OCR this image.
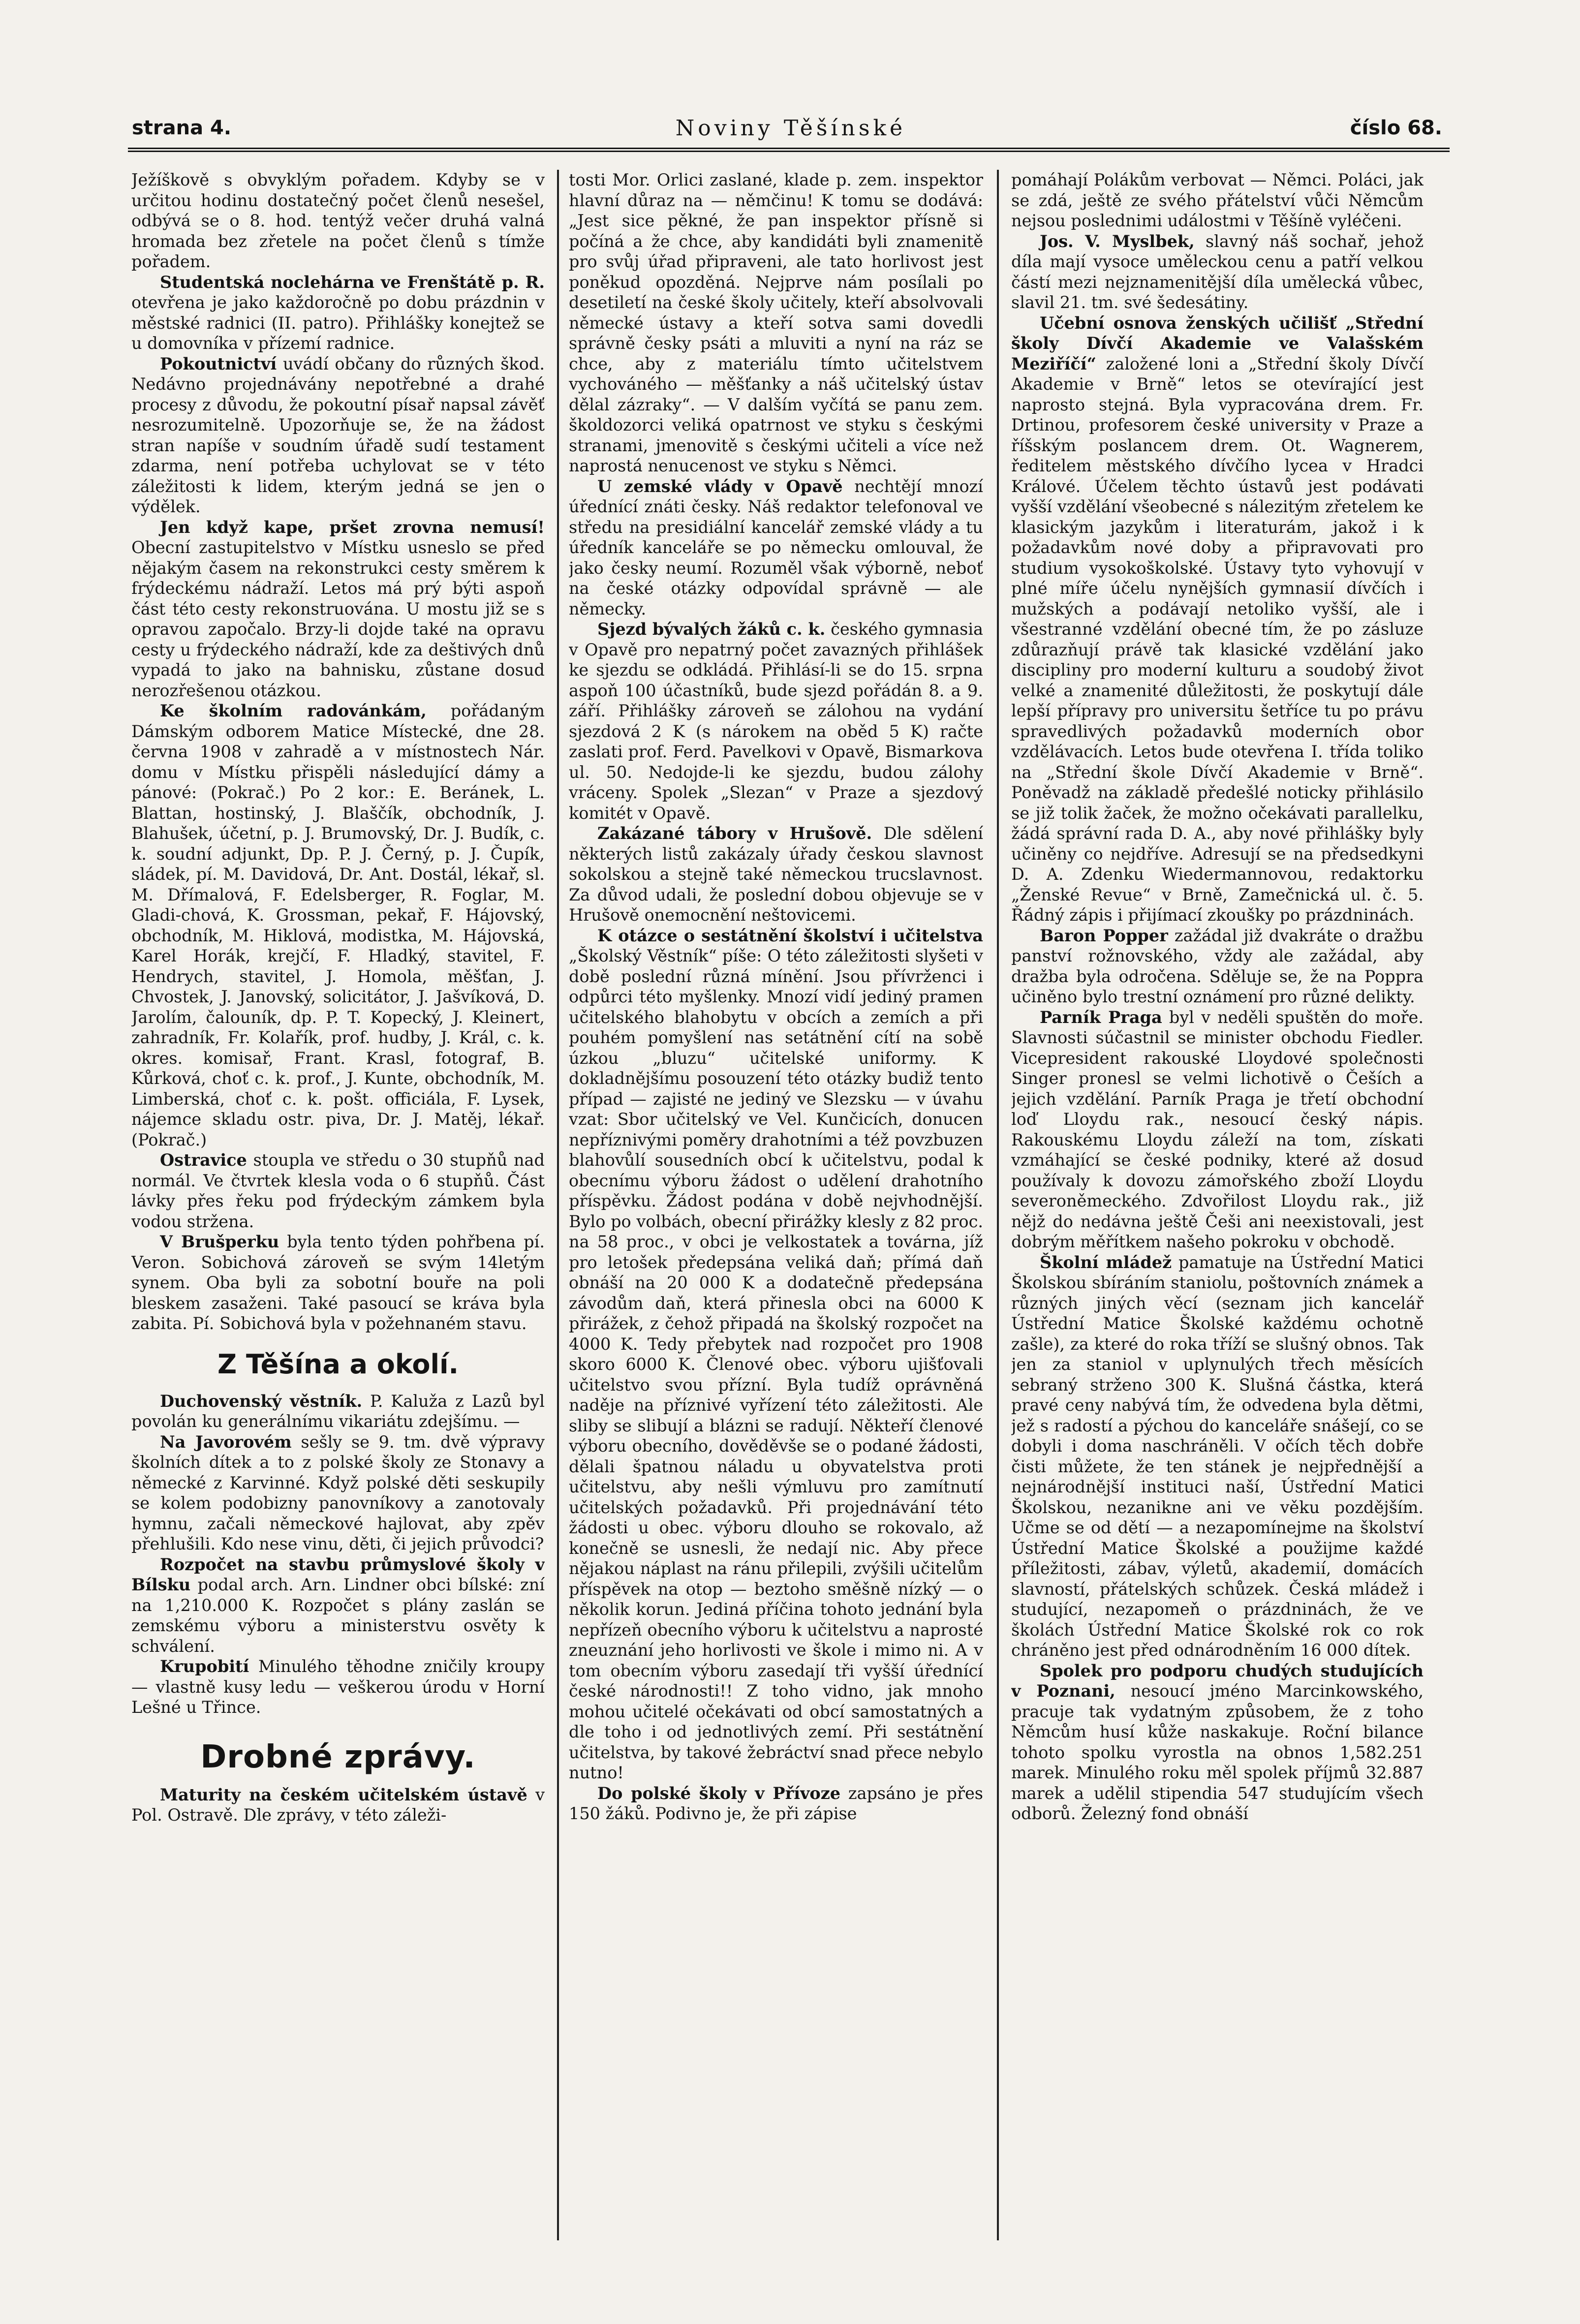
strana 4.	Noviny Těšínské	číslo 68.

Ježíškově s obvyklým pořadem. Kdyby se v určitou hodinu dostatečný počet členů nesešel, odbývá se o 8. hod. tentýž večer druhá valná hromada bez zřetele na počet členů s tímže pořadem.

Studentská noclehárna ve Frenštátě p. R. otevřena je jako každoročně po dobu prázdnin v městské radnici (II. patro). Přihlášky konejtež se u domovníka v přízemí radnice.

Pokoutnictví uvádí občany do různých škod. Nedávno projednávány nepotřebné a drahé procesy z důvodu, že pokoutní písař napsal závěť nesrozumitelně. Upozorňuje se, že na žádost stran napíše v soudním úřadě sudí testament zdarma, není potřeba uchylovat se v této záležitosti k lidem, kterým jedná se jen o výdělek.

Jen když kape, pršet zrovna nemusí! Obecní zastupitelstvo v Místku usneslo se před nějakým časem na rekonstrukci cesty směrem k frýdeckému nádraží. Letos má prý býti aspoň část této cesty rekonstruována. U mostu již se s opravou započalo. Brzy-li dojde také na opravu cesty u frýdeckého nádraží, kde za deštivých dnů vypadá to jako na bahnisku, zůstane dosud nerozřešenou otázkou.

Ke školním radovánkám, pořádaným Dámským odborem Matice Místecké, dne 28. června 1908 v zahradě a v místnostech Nár. domu v Místku přispěli následující dámy a pánové: (Pokrač.) Po 2 kor.: E. Beránek, L. Blattan, hostinský, J. Blaščík, obchodník, J. Blahušek, účetní, p. J. Brumovský, Dr. J. Budík, c. k. soudní adjunkt, Dp. P. J. Černý, p. J. Čupík, sládek, pí. M. Davidová, Dr. Ant. Dostál, lékař, sl. M. Dřímalová, F. Edelsberger, R. Foglar, M. Gladi-chová, K. Grossman, pekař, F. Hájovský, obchodník, M. Hiklová, modistka, M. Hájovská, Karel Horák, krejčí, F. Hladký, stavitel, F. Hendrych, stavitel, J. Homola, měšťan, J. Chvostek, J. Janovský, solicitátor, J. Jašvíková, D. Jarolím, čalouník, dp. P. T. Kopecký, J. Kleinert, zahradník, Fr. Kolařík, prof. hudby, J. Král, c. k. okres. komisař, Frant. Krasl, fotograf, B. Kůrková, choť c. k. prof., J. Kunte, obchodník, M. Limberská, choť c. k. pošt. officiála, F. Lysek, nájemce skladu ostr. piva, Dr. J. Matěj, lékař. (Pokrač.)

Ostravice stoupla ve středu o 30 stupňů nad normál. Ve čtvrtek klesla voda o 6 stupňů. Část lávky přes řeku pod frýdeckým zámkem byla vodou stržena.

V Brušperku byla tento týden pohřbena pí. Veron. Sobichová zároveň se svým 14letým synem. Oba byli za sobotní bouře na poli bleskem zasaženi. Také pasoucí se kráva byla zabita. Pí. Sobichová byla v požehnaném stavu.

Z Těšína a okolí.

Duchovenský věstník. P. Kaluža z Lazů byl povolán ku generálnímu vikariátu zdejšímu. —

Na Javorovém sešly se 9. tm. dvě výpravy školních dítek a to z polské školy ze Stonavy a německé z Karvinné. Když polské děti seskupily se kolem podobizny panovníkovy a zanotovaly hymnu, začali německové hajlovat, aby zpěv přehlušili. Kdo nese vinu, děti, či jejich průvodci?

Rozpočet na stavbu průmyslové školy v Bílsku podal arch. Arn. Lindner obci bílské: zní na 1,210.000 K. Rozpočet s plány zaslán se zemskému výboru a ministerstvu osvěty k schválení.

Krupobití Minulého těhodne zničily kroupy — vlastně kusy ledu — veškerou úrodu v Horní Lešné u Třince.

Drobné zprávy.

Maturity na českém učitelském ústavě v Pol. Ostravě. Dle zprávy, v této záleži-

tosti Mor. Orlici zaslané, klade p. zem. inspektor hlavní důraz na — němčinu! K tomu se dodává: „Jest sice pěkné, že pan inspektor přísně si počíná a že chce, aby kandidáti byli znamenitě pro svůj úřad připraveni, ale tato horlivost jest poněkud opozděná. Nejprve nám posílali po desetiletí na české školy učitely, kteří absolvovali německé ústavy a kteří sotva sami dovedli správně česky psáti a mluviti a nyní na ráz se chce, aby z materiálu tímto učitelstvem vychováného — měšťanky a náš učitelský ústav dělal zázraky“. — V dalším vyčítá se panu zem. školdozorci veliká opatrnost ve styku s českými stranami, jmenovitě s českými učiteli a více než naprostá nenucenost ve styku s Němci.

U zemské vlády v Opavě nechtějí mnozí úřednící znáti česky. Náš redaktor telefonoval ve středu na presidiální kancelář zemské vlády a tu úředník kanceláře se po německu omlouval, že jako česky neumí. Rozuměl však výborně, neboť na české otázky odpovídal správně — ale německy.

Sjezd bývalých žáků c. k. českého gymnasia v Opavě pro nepatrný počet zavazných přihlášek ke sjezdu se odkládá. Přihlásí-li se do 15. srpna aspoň 100 účastníků, bude sjezd pořádán 8. a 9. září. Přihlášky zároveň se zálohou na vydání sjezdová 2 K (s nárokem na oběd 5 K) račte zaslati prof. Ferd. Pavelkovi v Opavě, Bismarkova ul. 50. Nedojde-li ke sjezdu, budou zálohy vráceny. Spolek „Slezan“ v Praze a sjezdový komitét v Opavě.

Zakázané tábory v Hrušově. Dle sdělení některých listů zakázaly úřady českou slavnost sokolskou a stejně také německou trucslavnost. Za důvod udali, že poslední dobou objevuje se v Hrušově onemocnění neštovicemi.

K otázce o sestátnění školství i učitelstva „Školský Věstník“ píše: O této záležitosti slyšeti v době poslední různá mínění. Jsou přívrženci i odpůrci této myšlenky. Mnozí vidí jediný pramen učitelského blahobytu v obcích a zemích a při pouhém pomyšlení nas setátnění cítí na sobě úzkou „bluzu“ učitelské uniformy. K dokladnějšímu posouzení této otázky budiž tento případ — zajisté ne jediný ve Slezsku — v úvahu vzat: Sbor učitelský ve Vel. Kunčicích, donucen nepříznivými poměry drahotními a též povzbuzen blahovůlí sousedních obcí k učitelstvu, podal k obecnímu výboru žádost o udělení drahotního příspěvku. Žádost podána v době nejvhodnější. Bylo po volbách, obecní přirážky klesly z 82 proc. na 58 proc., v obci je velkostatek a továrna, jíž pro letošek předepsána veliká daň; přímá daň obnáší na 20 000 K a dodatečně předepsána závodům daň, která přinesla obci na 6000 K přirážek, z čehož připadá na školský rozpočet na 4000 K. Tedy přebytek nad rozpočet pro 1908 skoro 6000 K. Členové obec. výboru ujišťovali učitelstvo svou přízní. Byla tudíž oprávněná naděje na příznivé vyřízení této záležitosti. Ale sliby se slibují a blázni se radují. Někteří členové výboru obecního, dověděvše se o podané žádosti, dělali špatnou náladu u obyvatelstva proti učitelstvu, aby nešli výmluvu pro zamítnutí učitelských požadavků. Při projednávání této žádosti u obec. výboru dlouho se rokovalo, až konečně se usnesli, že nedají nic. Aby přece nějakou náplast na ránu přilepili, zvýšili učitelům příspěvek na otop — beztoho směšně nízký — o několik korun. Jediná příčina tohoto jednání byla nepřízeň obecního výboru k učitelstvu a naprosté zneuznání jeho horlivosti ve škole i mimo ni. A v tom obecním výboru zasedají tři vyšší úřednící české národnosti!! Z toho vidno, jak mnoho mohou učitelé očekávati od obcí samostatných a dle toho i od jednotlivých zemí. Při sestátnění učitelstva, by takové žebráctví snad přece nebylo nutno!

Do polské školy v Přívoze zapsáno je přes 150 žáků. Podivno je, že při zápise

pomáhají Polákům verbovat — Němci. Poláci, jak se zdá, ještě ze svého přátelství vůči Němcům nejsou poslednimi událostmi v Těšíně vyléčeni.

Jos. V. Myslbek, slavný náš sochař, jehož díla mají vysoce uměleckou cenu a patří velkou částí mezi nejznamenitější díla umělecká vůbec, slavil 21. tm. své šedesátiny.

Učební osnova ženských učilišť „Střední školy Dívčí Akademie ve Valašském Meziříčí“ založené loni a „Střední školy Dívčí Akademie v Brně“ letos se otevírající jest naprosto stejná. Byla vypracována drem. Fr. Drtinou, profesorem české university v Praze a říšským poslancem drem. Ot. Wagnerem, ředitelem městského dívčího lycea v Hradci Králové. Účelem těchto ústavů jest podávati vyšší vzdělání všeobecné s nálezitým zřetelem ke klasickým jazykům i literaturám, jakož i k požadavkům nové doby a připravovati pro studium vysokoškolské. Ústavy tyto vyhovují v plné míře účelu nynějších gymnasií dívčích i mužských a podávají netoliko vyšší, ale i všestranné vzdělání obecné tím, že po zásluze zdůrazňují právě tak klasické vzdělání jako discipliny pro moderní kulturu a soudobý život velké a znamenité důležitosti, že poskytují dále lepší přípravy pro universitu šetříce tu po právu spravedlivých požadavků moderních obor vzdělávacích. Letos bude otevřena I. třída toliko na „Střední škole Dívčí Akademie v Brně“. Poněvadž na základě předešlé noticky přihlásilo se již tolik žaček, že možno očekávati parallelku, žádá správní rada D. A., aby nové přihlášky byly učiněny co nejdříve. Adresují se na předsedkyni D. A. Zdenku Wiedermannovou, redaktorku „Ženské Revue“ v Brně, Zamečnická ul. č. 5. Řádný zápis i přijímací zkoušky po prázdninách.

Baron Popper zažádal již dvakráte o dražbu panství rožnovského, vždy ale zažádal, aby dražba byla odročena. Sděluje se, že na Poppra učiněno bylo trestní oznámení pro různé delikty.

Parník Praga byl v neděli spuštěn do moře. Slavnosti súčastnil se minister obchodu Fiedler. Vicepresident rakouské Lloydové společnosti Singer pronesl se velmi lichotivě o Češích a jejich vzdělání. Parník Praga je třetí obchodní loď Lloydu rak., nesoucí český nápis. Rakouskému Lloydu záleží na tom, získati vzmáhající se české podniky, které až dosud používaly k dovozu zámořského zboží Lloydu severoněmeckého. Zdvořilost Lloydu rak., již nějž do nedávna ještě Češi ani neexistovali, jest dobrým měřítkem našeho pokroku v obchodě.

Školní mládež pamatuje na Ústřední Matici Školskou sbíráním staniolu, poštovních známek a různých jiných věcí (seznam jich kancelář Ústřední Matice Školské každému ochotně zašle), za které do roka tříží se slušný obnos. Tak jen za staniol v uplynulých třech měsících sebraný strženo 300 K. Slušná částka, která pravé ceny nabývá tím, že odvedena byla dětmi, jež s radostí a pýchou do kanceláře snášejí, co se dobyli i doma naschráněli. V očích těch dobře čisti můžete, že ten stánek je nejpřednější a nejnárodnější instituci naší, Ústřední Matici Školskou, nezanikne ani ve věku pozdějším. Učme se od dětí — a nezapomínejme na školství Ústřední Matice Školské a použijme každé příležitosti, zábav, výletů, akademií, domácích slavností, přátelských schůzek. Česká mládež i studující, nezapomeň o prázdninách, že ve školách Ústřední Matice Školské rok co rok chráněno jest před odnárodněním 16 000 dítek.

Spolek pro podporu chudých studujících v Poznani, nesoucí jméno Marcinkowského, pracuje tak vydatným způsobem, že z toho Němcům husí kůže naskakuje. Roční bilance tohoto spolku vyrostla na obnos 1,582.251 marek. Minulého roku měl spolek příjmů 32.887 marek a udělil stipendia 547 studujícím všech odborů. Železný fond obnáší
